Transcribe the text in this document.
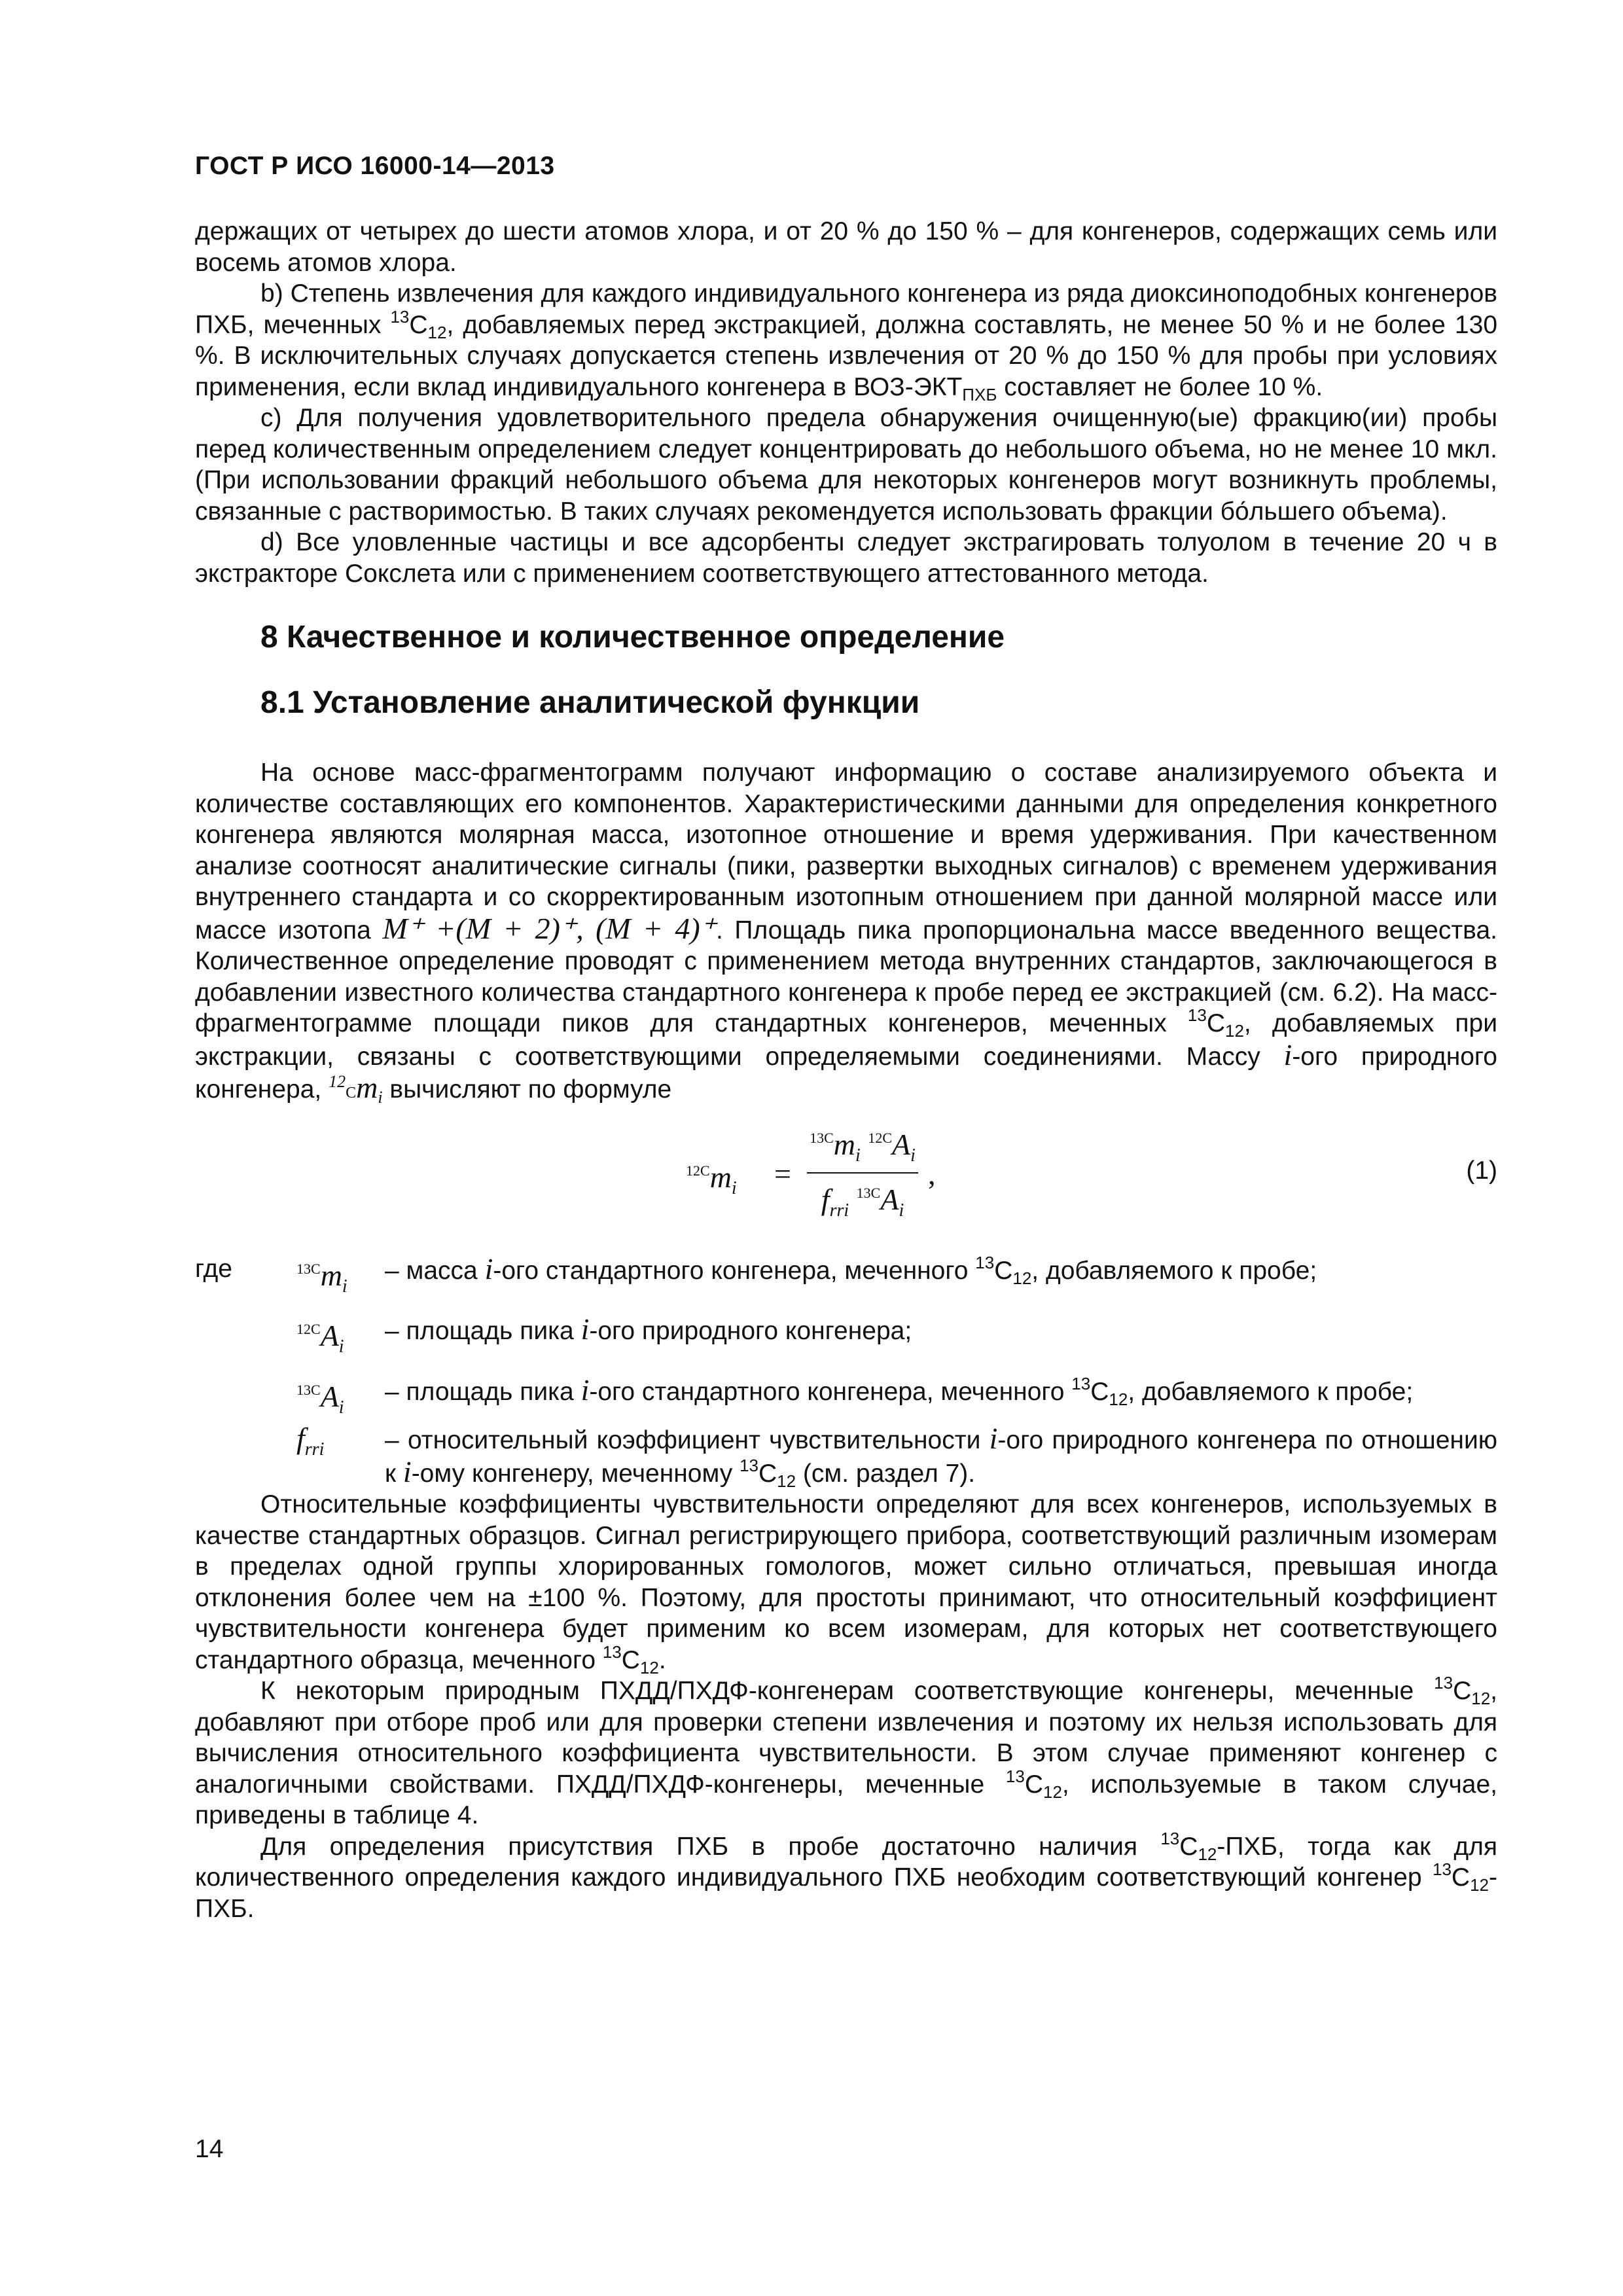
ГОСТ Р ИСО 16000-14—2013

держащих от четырех до шести атомов хлора, и от 20 % до 150 % – для конгенеров, содержащих семь или восемь атомов хлора.

b) Степень извлечения для каждого индивидуального конгенера из ряда диоксиноподобных конгенеров ПХБ, меченных $^{13}C_{12}$, добавляемых перед экстракцией, должна составлять, не менее 50 % и не более 130 %. В исключительных случаях допускается степень извлечения от 20 % до 150 % для пробы при условиях применения, если вклад индивидуального конгенера в ВОЗ-$ЭКТ_{ПХБ}$ составляет не более 10 %.

c) Для получения удовлетворительного предела обнаружения очищенную(ые) фракцию(ии) пробы перед количественным определением следует концентрировать до небольшого объема, но не менее 10 мкл. (При использовании фракций небольшого объема для некоторых конгенеров могут возникнуть проблемы, связанные с растворимостью. В таких случаях рекомендуется использовать фракции бо́льшего объема).

d) Все уловленные частицы и все адсорбенты следует экстрагировать толуолом в течение 20 ч в экстракторе Сокслета или с применением соответствующего аттестованного метода.

8 Качественное и количественное определение
8.1 Установление аналитической функции

На основе масс-фрагментограмм получают информацию о составе анализируемого объекта и количестве составляющих его компонентов. Характеристическими данными для определения конкретного конгенера являются молярная масса, изотопное отношение и время удерживания. При качественном анализе соотносят аналитические сигналы (пики, развертки выходных сигналов) с временем удерживания внутреннего стандарта и со скорректированным изотопным отношением при данной молярной массе или массе изотопа M⁺ +(M + 2)⁺, (M + 4)⁺. Площадь пика пропорциональна массе введенного вещества. Количественное определение проводят с применением метода внутренних стандартов, заключающегося в добавлении известного количества стандартного конгенера к пробе перед ее экстракцией (см. 6.2). На масс-фрагментограмме площади пиков для стандартных конгенеров, меченных $^{13}C_{12}$, добавляемых при экстракции, связаны с соответствующими определяемыми соединениями. Массу i-ого природного конгенера, $^{12}Cm_i$ вычисляют по формуле

$^{12C}m_i$ =
$^{13C}m_i$ $^{12C}A_i$
$f_{rri}$ $^{13C}A_i$
,	(1)
где	$^{13C}m_i$
– масса i-ого стандартного конгенера, меченного $^{13}C_{12}$, добавляемого к пробе;
$^{12C}A_i$
– площадь пика i-ого природного конгенера;
$^{13C}A_i$
– площадь пика i-ого стандартного конгенера, меченного $^{13}C_{12}$, добавляемого к пробе;
$f_{rri}$	– относительный коэффициент чувствительности i-ого природного конгенера по отношению к i-ому конгенеру, меченному $^{13}C_{12}$ (см. раздел 7).

Относительные коэффициенты чувствительности определяют для всех конгенеров, используемых в качестве стандартных образцов. Сигнал регистрирующего прибора, соответствующий различным изомерам в пределах одной группы хлорированных гомологов, может сильно отличаться, превышая иногда отклонения более чем на ±100 %. Поэтому, для простоты принимают, что относительный коэффициент чувствительности конгенера будет применим ко всем изомерам, для которых нет соответствующего стандартного образца, меченного $^{13}C_{12}$.

К некоторым природным ПХДД/ПХДФ-конгенерам соответствующие конгенеры, меченные $^{13}C_{12}$, добавляют при отборе проб или для проверки степени извлечения и поэтому их нельзя использовать для вычисления относительного коэффициента чувствительности. В этом случае применяют конгенер с аналогичными свойствами. ПХДД/ПХДФ-конгенеры, меченные $^{13}C_{12}$, используемые в таком случае, приведены в таблице 4.

Для определения присутствия ПХБ в пробе достаточно наличия $^{13}C_{12}$-ПХБ, тогда как для количественного определения каждого индивидуального ПХБ необходим соответствующий конгенер $^{13}C_{12}$-ПХБ.

14
